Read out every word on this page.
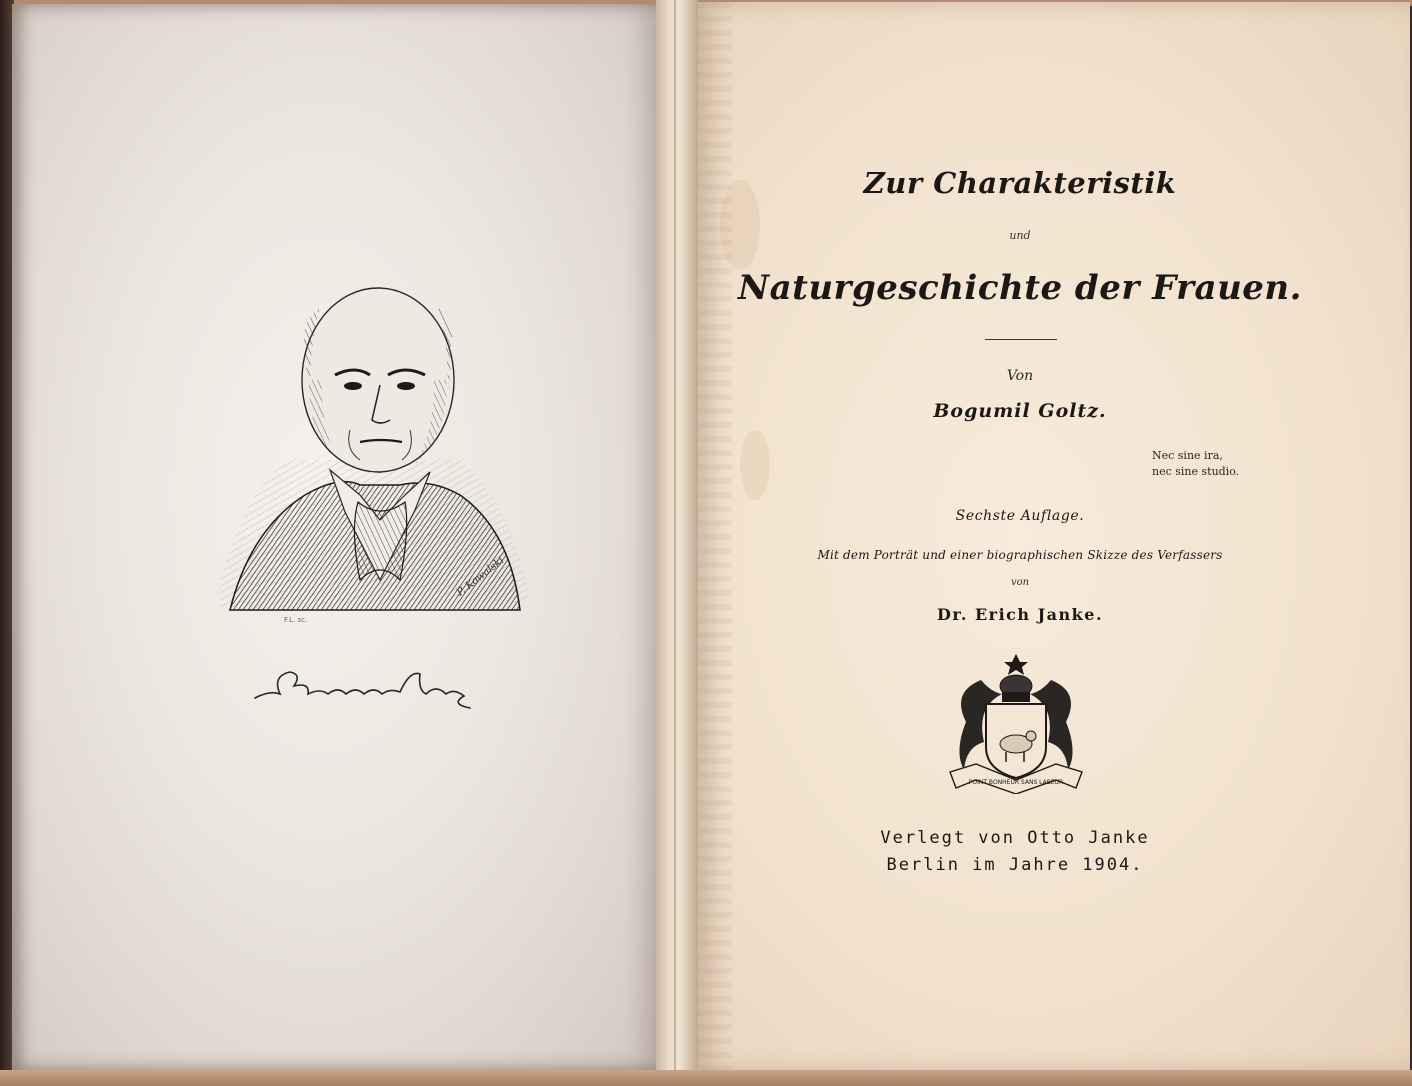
F.L. sc.
P. Kowalski
Zur Charakteristik
und
Naturgeschichte der Frauen.
Von
Bogumil Goltz.
Nec sine ira,
nec sine studio.
Sechste Auflage.
Mit dem Porträt und einer biographischen Skizze des Verfassers
von
Dr. Erich Janke.
POINT BONHEUR SANS LABEUR
Verlegt von Otto Janke
Berlin im Jahre 1904.
